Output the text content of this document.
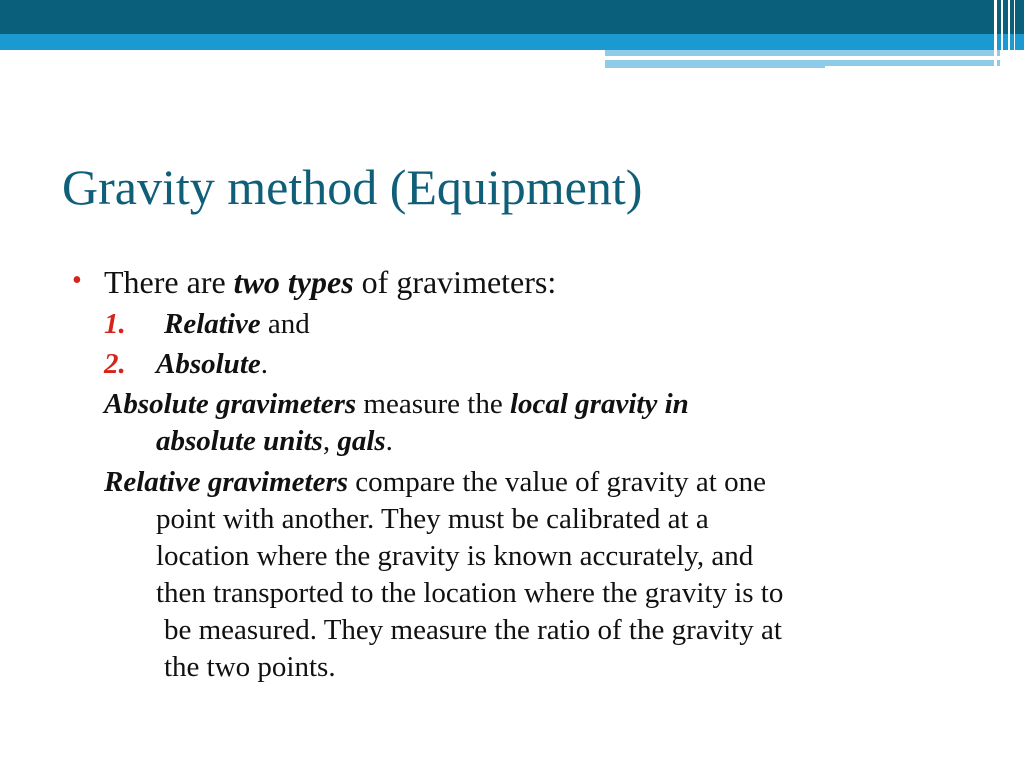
Gravity method (Equipment)
• There are two types of gravimeters:
1. Relative and
2. Absolute.
Absolute gravimeters measure the local gravity in
absolute units, gals.
Relative gravimeters compare the value of gravity at one
point with another. They must be calibrated at a
location where the gravity is known accurately, and
then transported to the location where the gravity is to
be measured. They measure the ratio of the gravity at
the two points.
